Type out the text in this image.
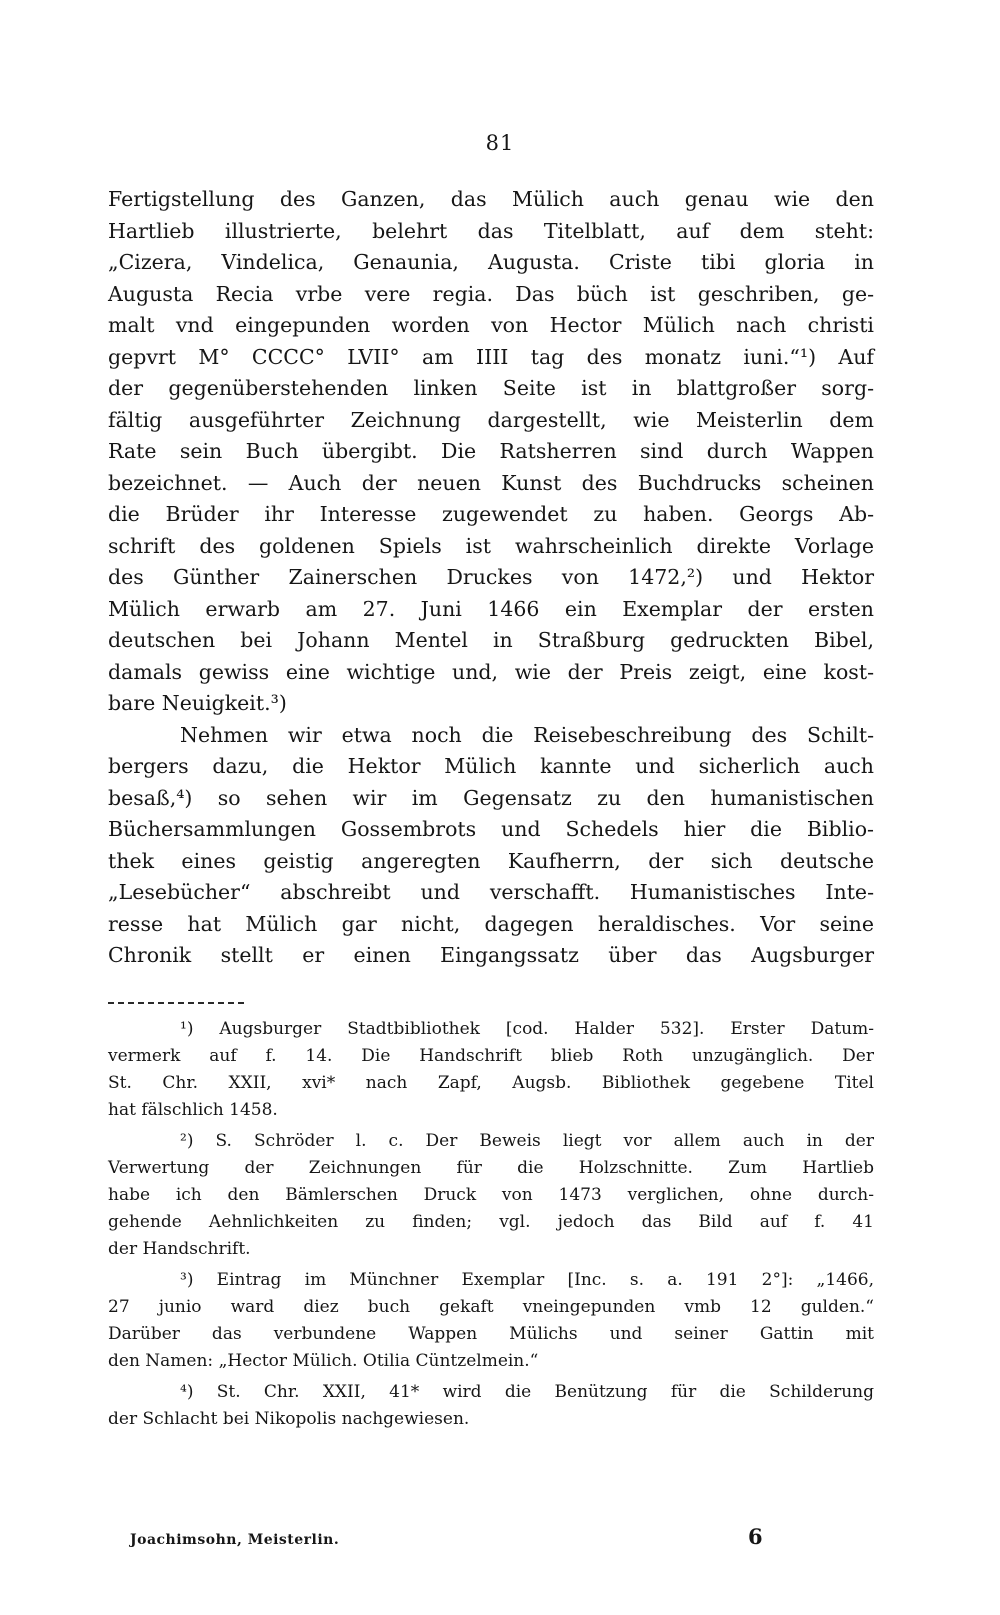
81
Fertigstellung des Ganzen, das Mülich auch genau wie den
Hartlieb illustrierte, belehrt das Titelblatt, auf dem steht:
„Cizera, Vindelica, Genaunia, Augusta. Criste tibi gloria in
Augusta Recia vrbe vere regia. Das büch ist geschriben, ge-
malt vnd eingepunden worden von Hector Mülich nach christi
gepvrt M° CCCC° LVII° am IIII tag des monatz iuni.“¹) Auf
der gegenüberstehenden linken Seite ist in blattgroßer sorg-
fältig ausgeführter Zeichnung dargestellt, wie Meisterlin dem
Rate sein Buch übergibt. Die Ratsherren sind durch Wappen
bezeichnet. — Auch der neuen Kunst des Buchdrucks scheinen
die Brüder ihr Interesse zugewendet zu haben. Georgs Ab-
schrift des goldenen Spiels ist wahrscheinlich direkte Vorlage
des Günther Zainerschen Druckes von 1472,²) und Hektor
Mülich erwarb am 27. Juni 1466 ein Exemplar der ersten
deutschen bei Johann Mentel in Straßburg gedruckten Bibel,
damals gewiss eine wichtige und, wie der Preis zeigt, eine kost-
bare Neuigkeit.³)
Nehmen wir etwa noch die Reisebeschreibung des Schilt-
bergers dazu, die Hektor Mülich kannte und sicherlich auch
besaß,⁴) so sehen wir im Gegensatz zu den humanistischen
Büchersammlungen Gossembrots und Schedels hier die Biblio-
thek eines geistig angeregten Kaufherrn, der sich deutsche
„Lesebücher“ abschreibt und verschafft. Humanistisches Inte-
resse hat Mülich gar nicht, dagegen heraldisches. Vor seine
Chronik stellt er einen Eingangssatz über das Augsburger
¹) Augsburger Stadtbibliothek [cod. Halder 532]. Erster Datum-
vermerk auf f. 14. Die Handschrift blieb Roth unzugänglich. Der
St. Chr. XXII, xvi* nach Zapf, Augsb. Bibliothek gegebene Titel
hat fälschlich 1458.
²) S. Schröder l. c. Der Beweis liegt vor allem auch in der
Verwertung der Zeichnungen für die Holzschnitte. Zum Hartlieb
habe ich den Bämlerschen Druck von 1473 verglichen, ohne durch-
gehende Aehnlichkeiten zu finden; vgl. jedoch das Bild auf f. 41
der Handschrift.
³) Eintrag im Münchner Exemplar [Inc. s. a. 191 2°]: „1466,
27 junio ward diez buch gekaft vneingepunden vmb 12 gulden.“
Darüber das verbundene Wappen Mülichs und seiner Gattin mit
den Namen: „Hector Mülich. Otilia Cüntzelmein.“
⁴) St. Chr. XXII, 41* wird die Benützung für die Schilderung
der Schlacht bei Nikopolis nachgewiesen.
Joachimsohn, Meisterlin.	6
